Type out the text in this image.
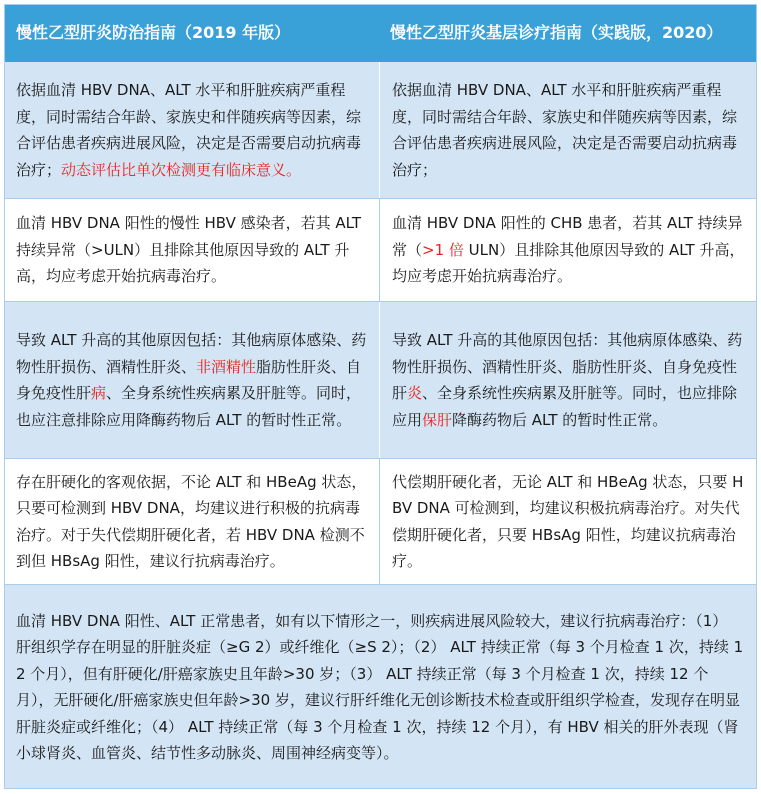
慢性乙型肝炎防治指南（2019 年版）	慢性乙型肝炎基层诊疗指南（实践版，2020）
依据血清 HBV DNA、ALT 水平和肝脏疾病严重程度，同时需结合年龄、家族史和伴随疾病等因素，综合评估患者疾病进展风险，决定是否需要启动抗病毒治疗；动态评估比单次检测更有临床意义。
依据血清 HBV DNA、ALT 水平和肝脏疾病严重程度，同时需结合年龄、家族史和伴随疾病等因素，综合评估患者疾病进展风险，决定是否需要启动抗病毒治疗；
血清 HBV DNA 阳性的慢性 HBV 感染者，若其 ALT 持续异常（>ULN）且排除其他原因导致的 ALT 升高，均应考虑开始抗病毒治疗。
血清 HBV DNA 阳性的 CHB 患者，若其 ALT 持续异常（>1 倍 ULN）且排除其他原因导致的 ALT 升高，均应考虑开始抗病毒治疗。
导致 ALT 升高的其他原因包括：其他病原体感染、药物性肝损伤、酒精性肝炎、非酒精性脂肪性肝炎、自身免疫性肝病、全身系统性疾病累及肝脏等。同时，也应注意排除应用降酶药物后 ALT 的暂时性正常。
导致 ALT 升高的其他原因包括：其他病原体感染、药物性肝损伤、酒精性肝炎、脂肪性肝炎、自身免疫性肝炎、全身系统性疾病累及肝脏等。同时，也应排除应用保肝降酶药物后 ALT 的暂时性正常。
存在肝硬化的客观依据，不论 ALT 和 HBeAg 状态，只要可检测到 HBV DNA，均建议进行积极的抗病毒治疗。对于失代偿期肝硬化者，若 HBV DNA 检测不到但 HBsAg 阳性，建议行抗病毒治疗。
代偿期肝硬化者，无论 ALT 和 HBeAg 状态，只要 HBV DNA 可检测到，均建议积极抗病毒治疗。对失代偿期肝硬化者，只要 HBsAg 阳性，均建议抗病毒治疗。
血清 HBV DNA 阳性、ALT 正常患者，如有以下情形之一，则疾病进展风险较大，建议行抗病毒治疗：（1） 肝组织学存在明显的肝脏炎症（≥G 2）或纤维化（≥S 2）；（2） ALT 持续正常（每 3 个月检查 1 次，持续 12 个月），但有肝硬化/肝癌家族史且年龄>30 岁；（3） ALT 持续正常（每 3 个月检查 1 次，持续 12 个月），无肝硬化/肝癌家族史但年龄>30 岁，建议行肝纤维化无创诊断技术检查或肝组织学检查，发现存在明显肝脏炎症或纤维化；（4） ALT 持续正常（每 3 个月检查 1 次，持续 12 个月），有 HBV 相关的肝外表现（肾小球肾炎、血管炎、结节性多动脉炎、周围神经病变等）。
